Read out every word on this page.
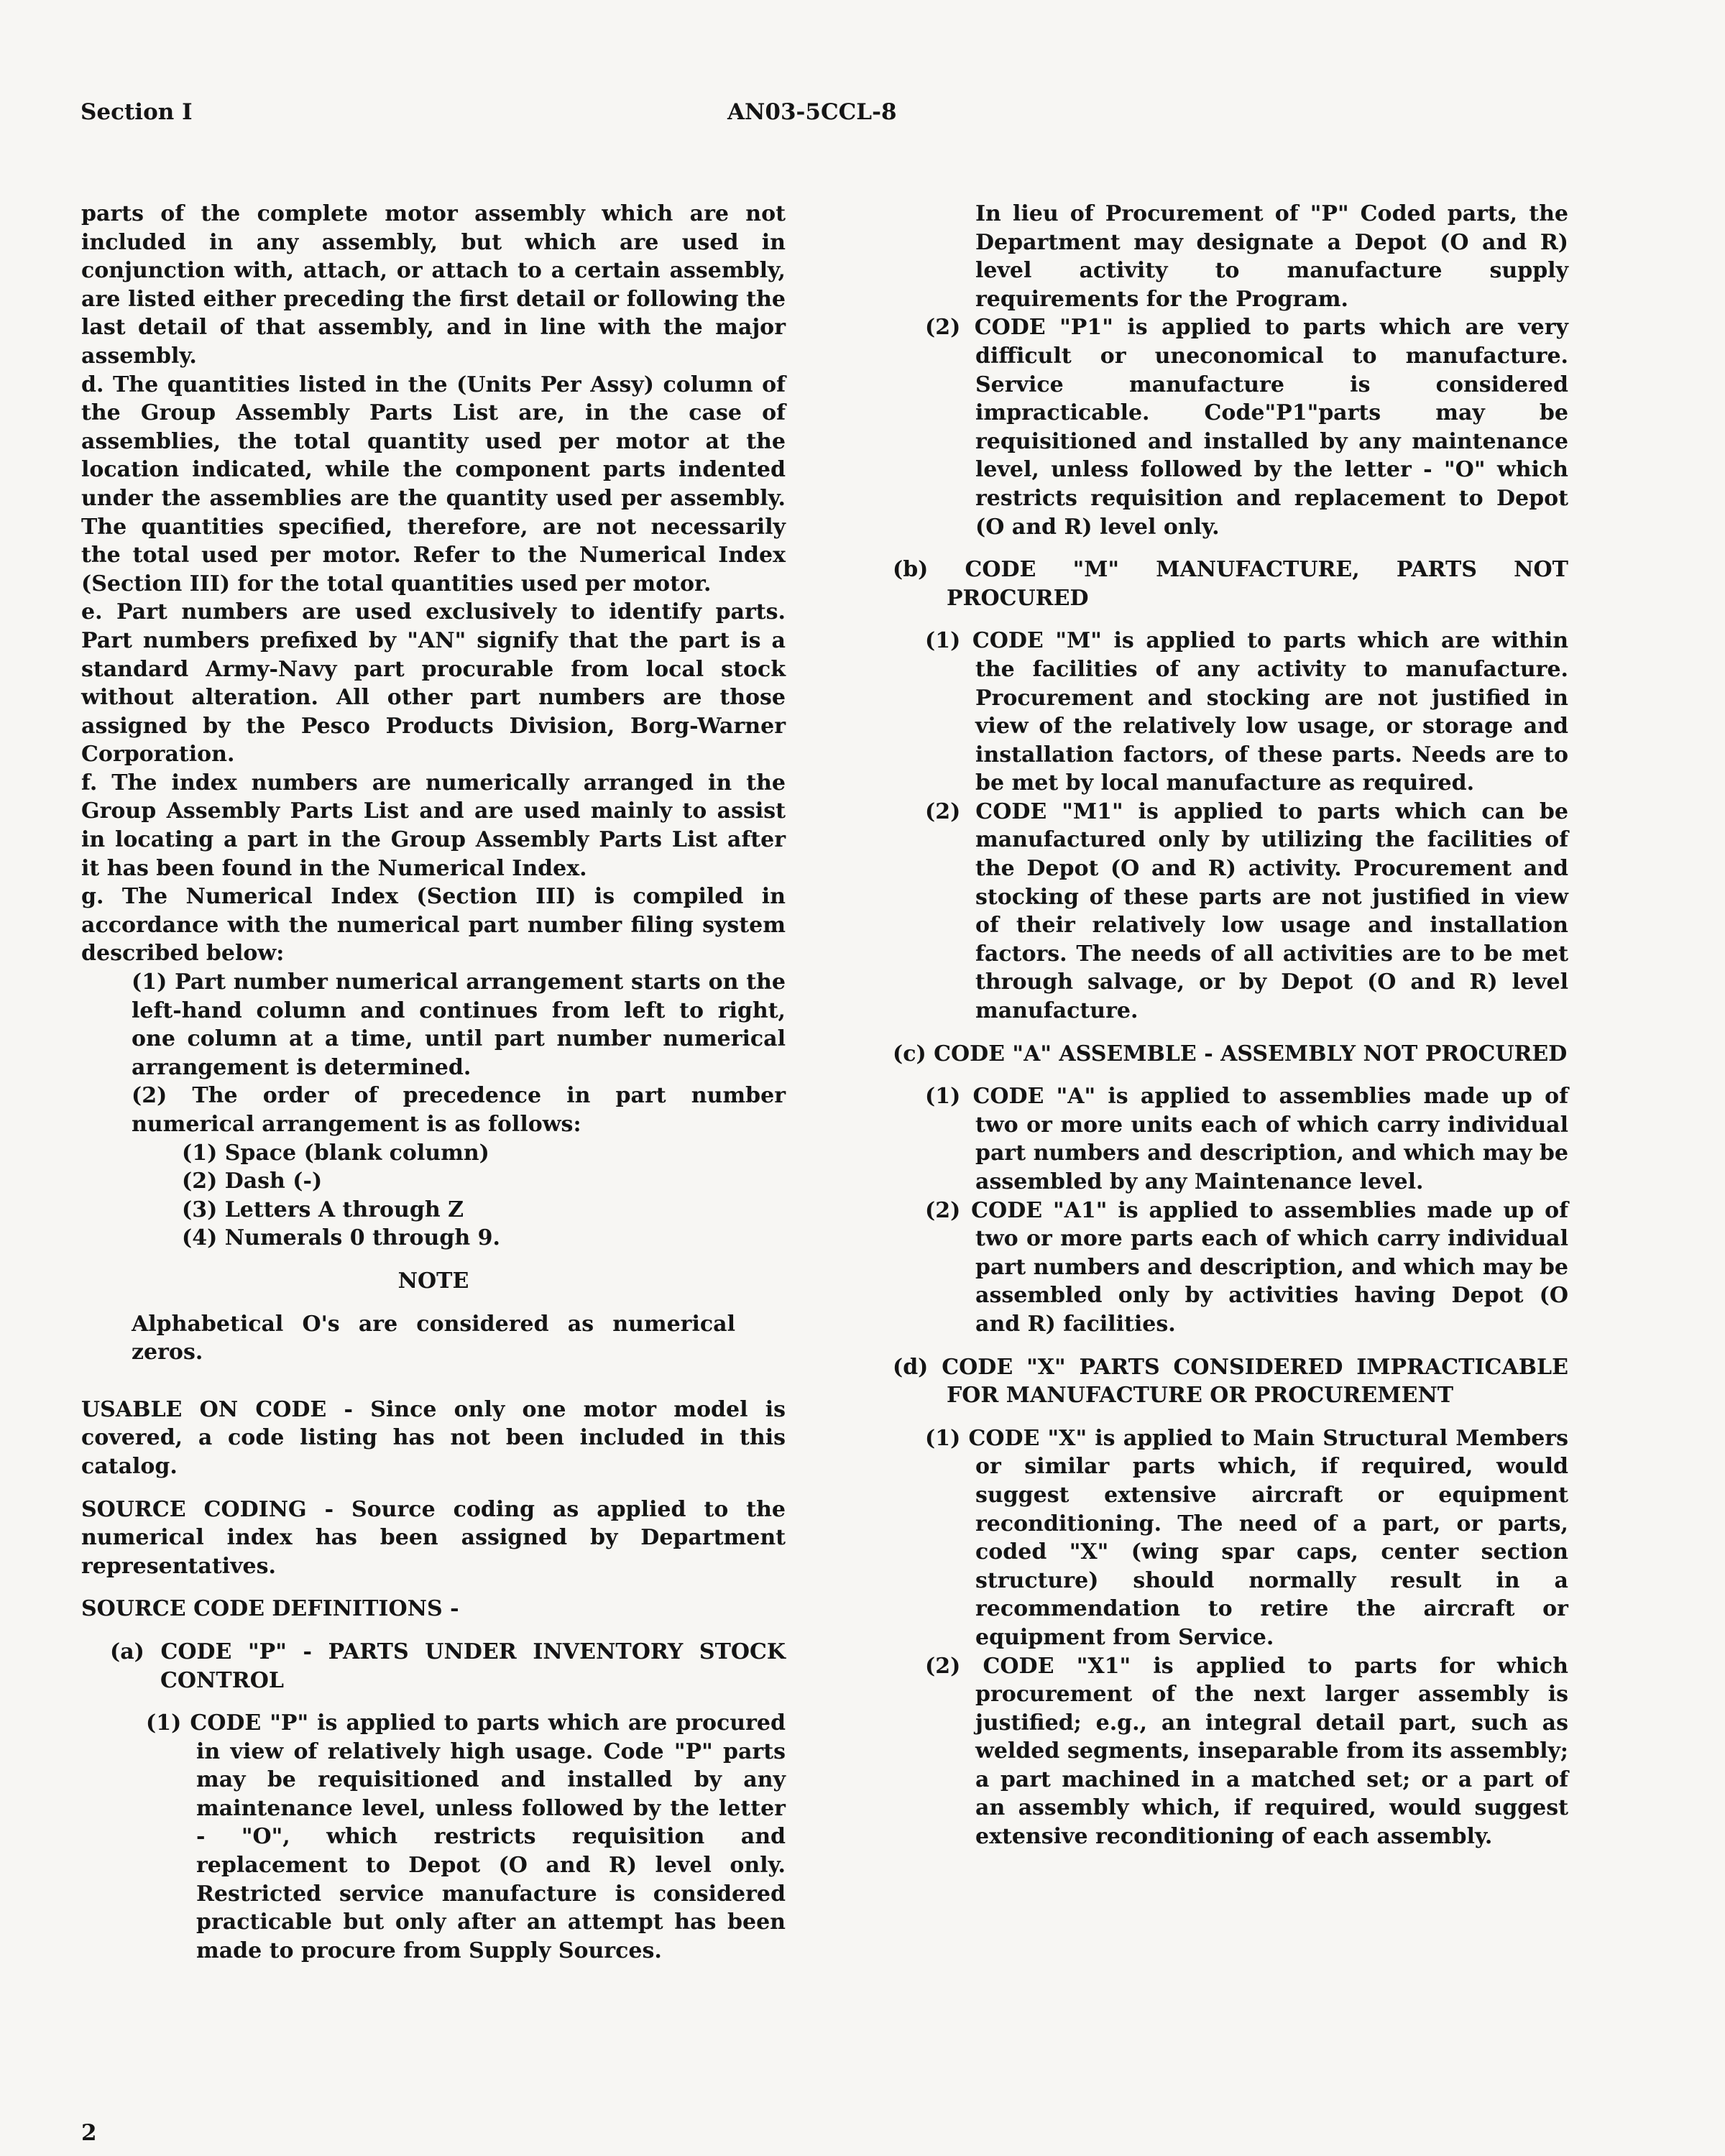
Section I	AN03-5CCL-8

parts of the complete motor assembly which are not included in any assembly, but which are used in conjunction with, attach, or attach to a certain assembly, are listed either preceding the first detail or following the last detail of that assembly, and in line with the major assembly.

d. The quantities listed in the (Units Per Assy) column of the Group Assembly Parts List are, in the case of assemblies, the total quantity used per motor at the location indicated, while the component parts indented under the assemblies are the quantity used per assembly. The quantities specified, therefore, are not necessarily the total used per motor. Refer to the Numerical Index (Section III) for the total quantities used per motor.

e. Part numbers are used exclusively to identify parts. Part numbers prefixed by "AN" signify that the part is a standard Army-Navy part procurable from local stock without alteration. All other part numbers are those assigned by the Pesco Products Division, Borg-Warner Corporation.

f. The index numbers are numerically arranged in the Group Assembly Parts List and are used mainly to assist in locating a part in the Group Assembly Parts List after it has been found in the Numerical Index.

g. The Numerical Index (Section III) is compiled in accordance with the numerical part number filing system described below:

(1) Part number numerical arrangement starts on the left-hand column and continues from left to right, one column at a time, until part number numerical arrangement is determined.

(2) The order of precedence in part number numerical arrangement is as follows:

(1) Space (blank column)
(2) Dash (-)
(3) Letters A through Z
(4) Numerals 0 through 9.

NOTE

Alphabetical O's are considered as numerical zeros.

USABLE ON CODE - Since only one motor model is covered, a code listing has not been included in this catalog.

SOURCE CODING - Source coding as applied to the numerical index has been assigned by Department representatives.

SOURCE CODE DEFINITIONS -

(a) CODE "P" - PARTS UNDER INVENTORY STOCK CONTROL

(1) CODE "P" is applied to parts which are procured in view of relatively high usage. Code "P" parts may be requisitioned and installed by any maintenance level, unless followed by the letter - "O", which restricts requisition and replacement to Depot (O and R) level only. Restricted service manufacture is considered practicable but only after an attempt has been made to procure from Supply Sources.

In lieu of Procurement of "P" Coded parts, the Department may designate a Depot (O and R) level activity to manufacture supply requirements for the Program.

(2) CODE "P1" is applied to parts which are very difficult or uneconomical to manufacture. Service manufacture is considered impracticable. Code"P1"parts may be requisitioned and installed by any maintenance level, unless followed by the letter - "O" which restricts requisition and replacement to Depot (O and R) level only.

(b) CODE "M" MANUFACTURE, PARTS NOT PROCURED

(1) CODE "M" is applied to parts which are within the facilities of any activity to manufacture. Procurement and stocking are not justified in view of the relatively low usage, or storage and installation factors, of these parts. Needs are to be met by local manufacture as required.

(2) CODE "M1" is applied to parts which can be manufactured only by utilizing the facilities of the Depot (O and R) activity. Procurement and stocking of these parts are not justified in view of their relatively low usage and installation factors. The needs of all activities are to be met through salvage, or by Depot (O and R) level manufacture.

(c) CODE "A" ASSEMBLE - ASSEMBLY NOT PROCURED

(1) CODE "A" is applied to assemblies made up of two or more units each of which carry individual part numbers and description, and which may be assembled by any Maintenance level.

(2) CODE "A1" is applied to assemblies made up of two or more parts each of which carry individual part numbers and description, and which may be assembled only by activities having Depot (O and R) facilities.

(d) CODE "X" PARTS CONSIDERED IMPRACTICABLE FOR MANUFACTURE OR PROCUREMENT

(1) CODE "X" is applied to Main Structural Members or similar parts which, if required, would suggest extensive aircraft or equipment reconditioning. The need of a part, or parts, coded "X" (wing spar caps, center section structure) should normally result in a recommendation to retire the aircraft or equipment from Service.

(2) CODE "X1" is applied to parts for which procurement of the next larger assembly is justified; e.g., an integral detail part, such as welded segments, inseparable from its assembly; a part machined in a matched set; or a part of an assembly which, if required, would suggest extensive reconditioning of each assembly.

2
